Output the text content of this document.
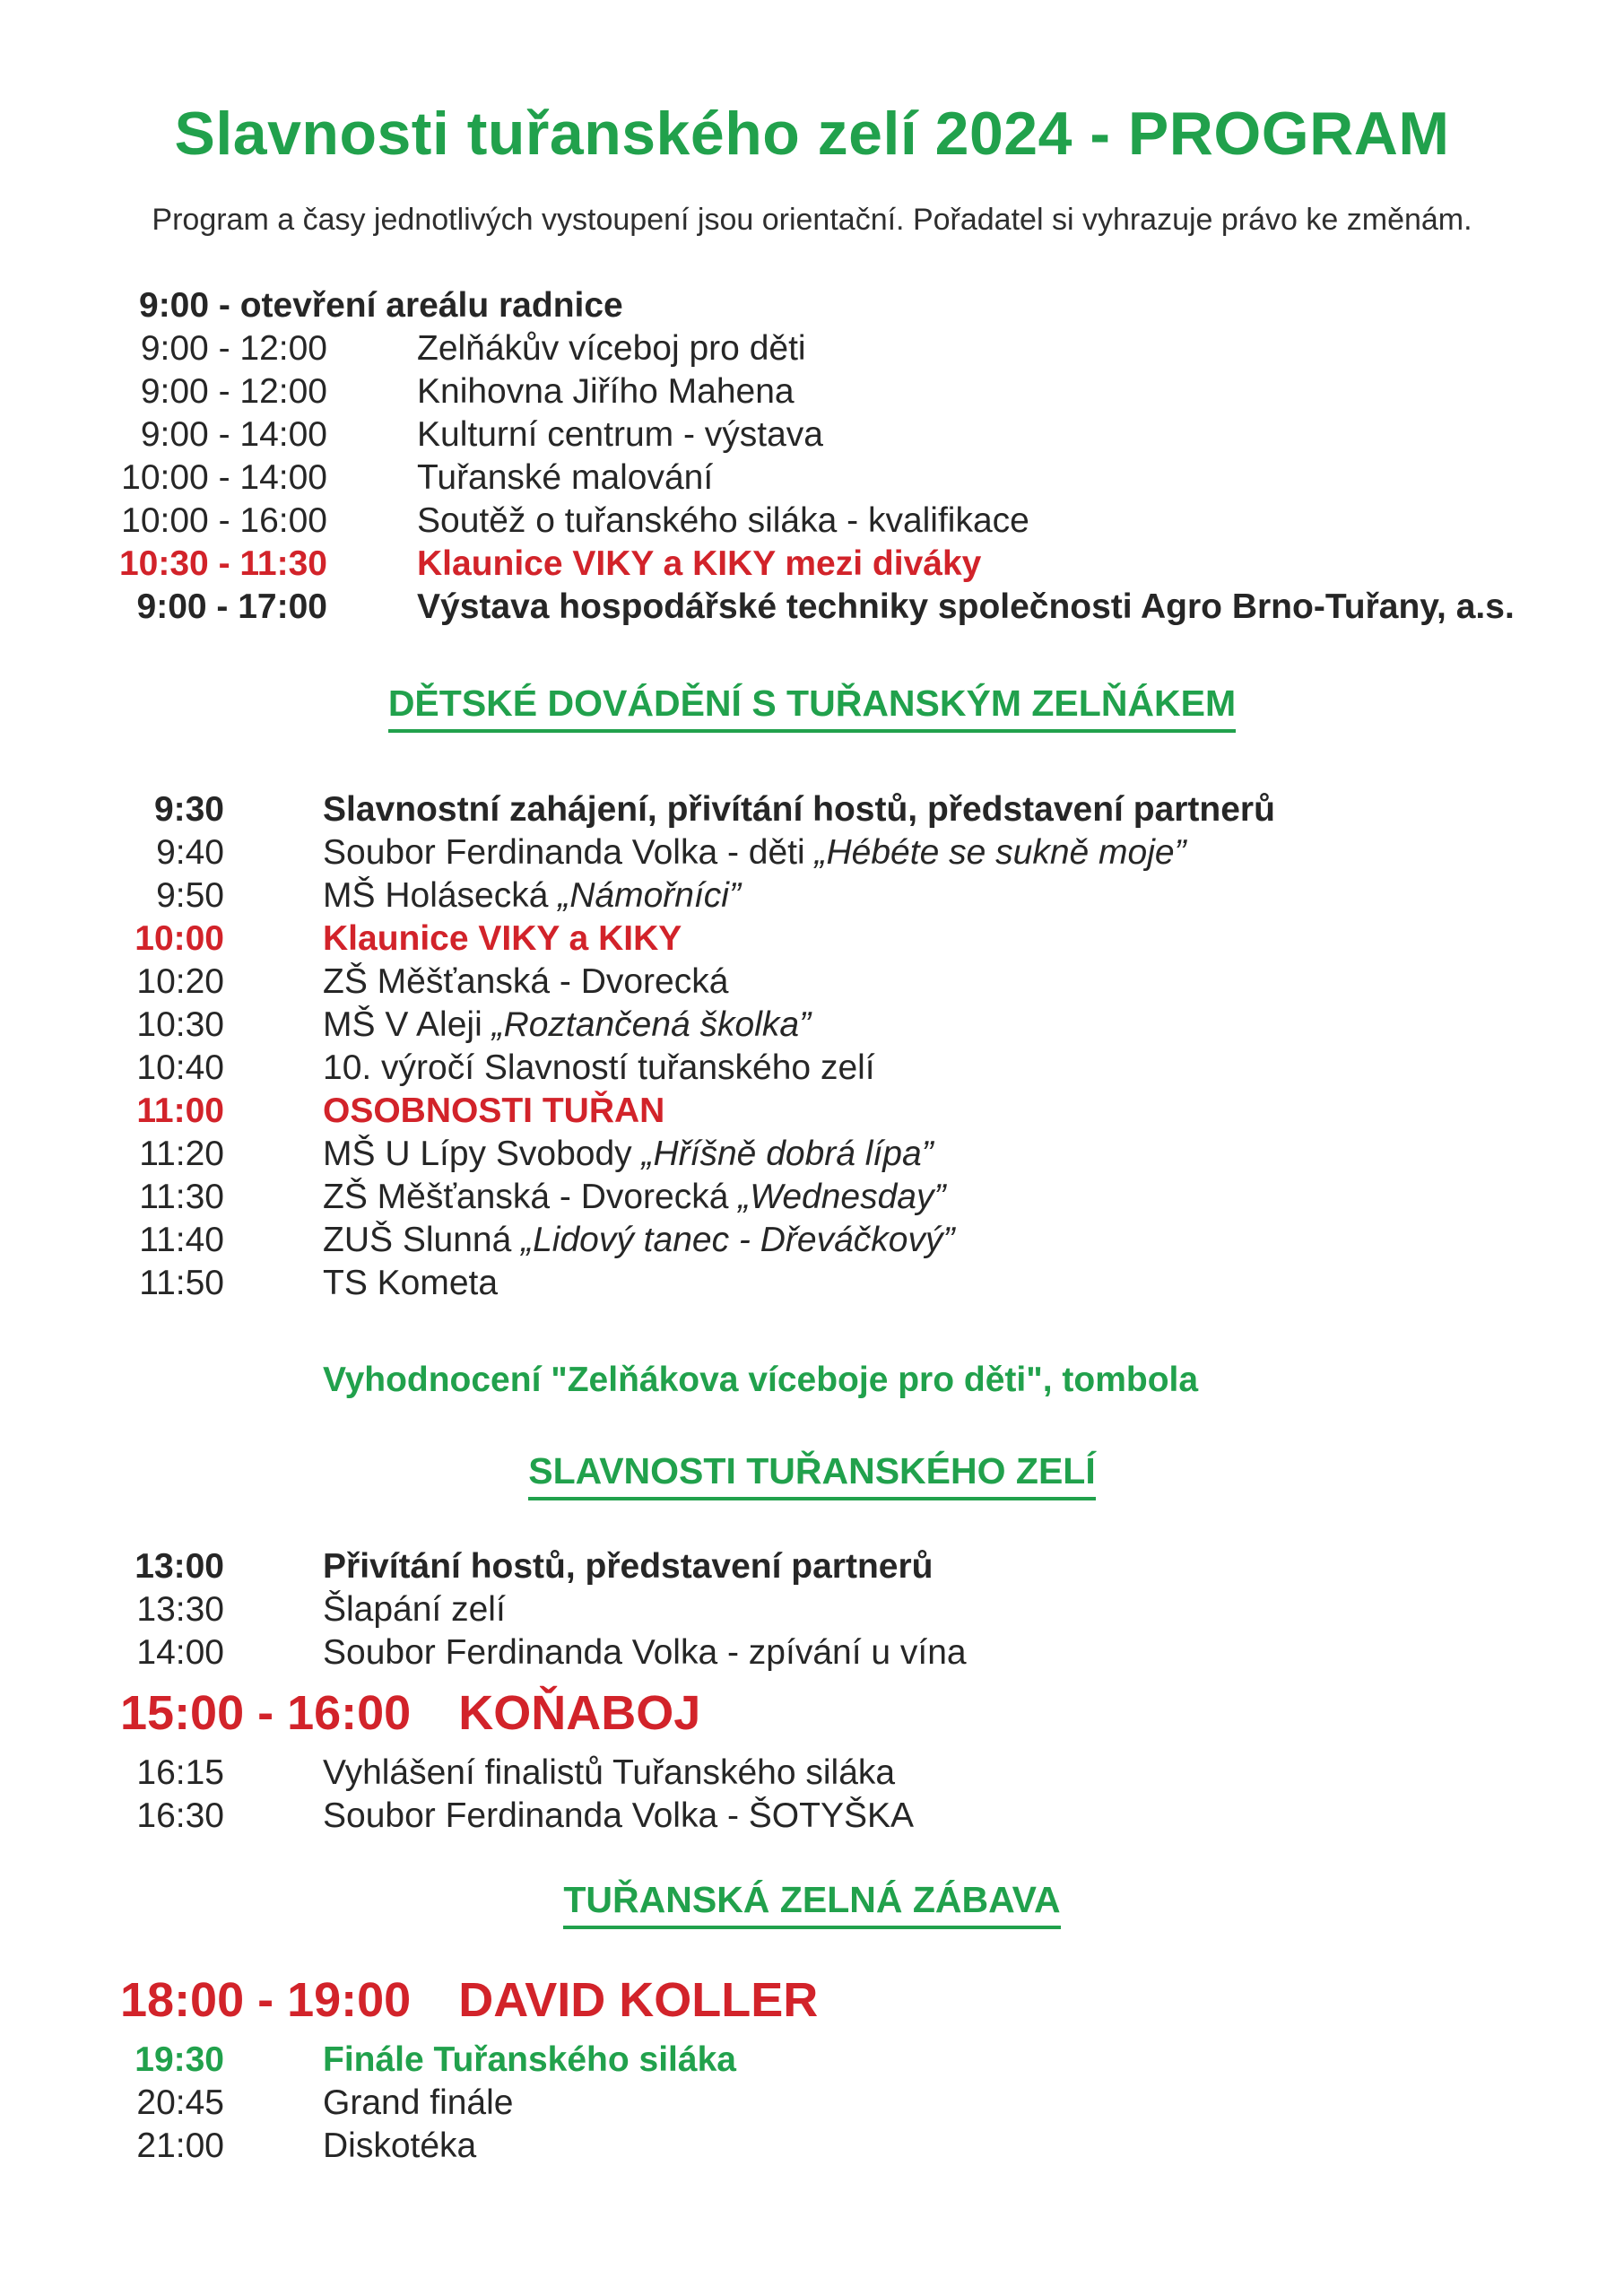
Slavnosti tuřanského zelí 2024 - PROGRAM
Program a časy jednotlivých vystoupení jsou orientační. Pořadatel si vyhrazuje právo ke změnám.
9:00 - otevření areálu radnice
9:00 - 12:00	Zelňákův víceboj pro děti
9:00 - 12:00	Knihovna Jiřího Mahena
9:00 - 14:00	Kulturní centrum - výstava
10:00 - 14:00	Tuřanské malování
10:00 - 16:00	Soutěž o tuřanského siláka - kvalifikace
10:30 - 11:30	Klaunice VIKY a KIKY mezi diváky
9:00 - 17:00	Výstava hospodářské techniky společnosti Agro Brno-Tuřany, a.s.
DĚTSKÉ DOVÁDĚNÍ S TUŘANSKÝM ZELŇÁKEM
9:30	Slavnostní zahájení, přivítání hostů, představení partnerů
9:40	Soubor Ferdinanda Volka - děti „Hébéte se sukně moje”
9:50	MŠ Holásecká „Námořníci”
10:00	Klaunice VIKY a KIKY
10:20	ZŠ Měšťanská - Dvorecká
10:30	MŠ V Aleji „Roztančená školka”
10:40	10. výročí Slavností tuřanského zelí
11:00	OSOBNOSTI TUŘAN
11:20	MŠ U Lípy Svobody „Hříšně dobrá lípa”
11:30	ZŠ Měšťanská - Dvorecká „Wednesday”
11:40	ZUŠ Slunná „Lidový tanec - Dřeváčkový”
11:50	TS Kometa
Vyhodnocení "Zelňákova víceboje pro děti", tombola
SLAVNOSTI TUŘANSKÉHO ZELÍ
13:00	Přivítání hostů, představení partnerů
13:30	Šlapání zelí
14:00	Soubor Ferdinanda Volka - zpívání u vína
15:00 - 16:00 KOŇABOJ
16:15	Vyhlášení finalistů Tuřanského siláka
16:30	Soubor Ferdinanda Volka - ŠOTYŠKA
TUŘANSKÁ ZELNÁ ZÁBAVA
18:00 - 19:00 DAVID KOLLER
19:30	Finále Tuřanského siláka
20:45	Grand finále
21:00	Diskotéka
